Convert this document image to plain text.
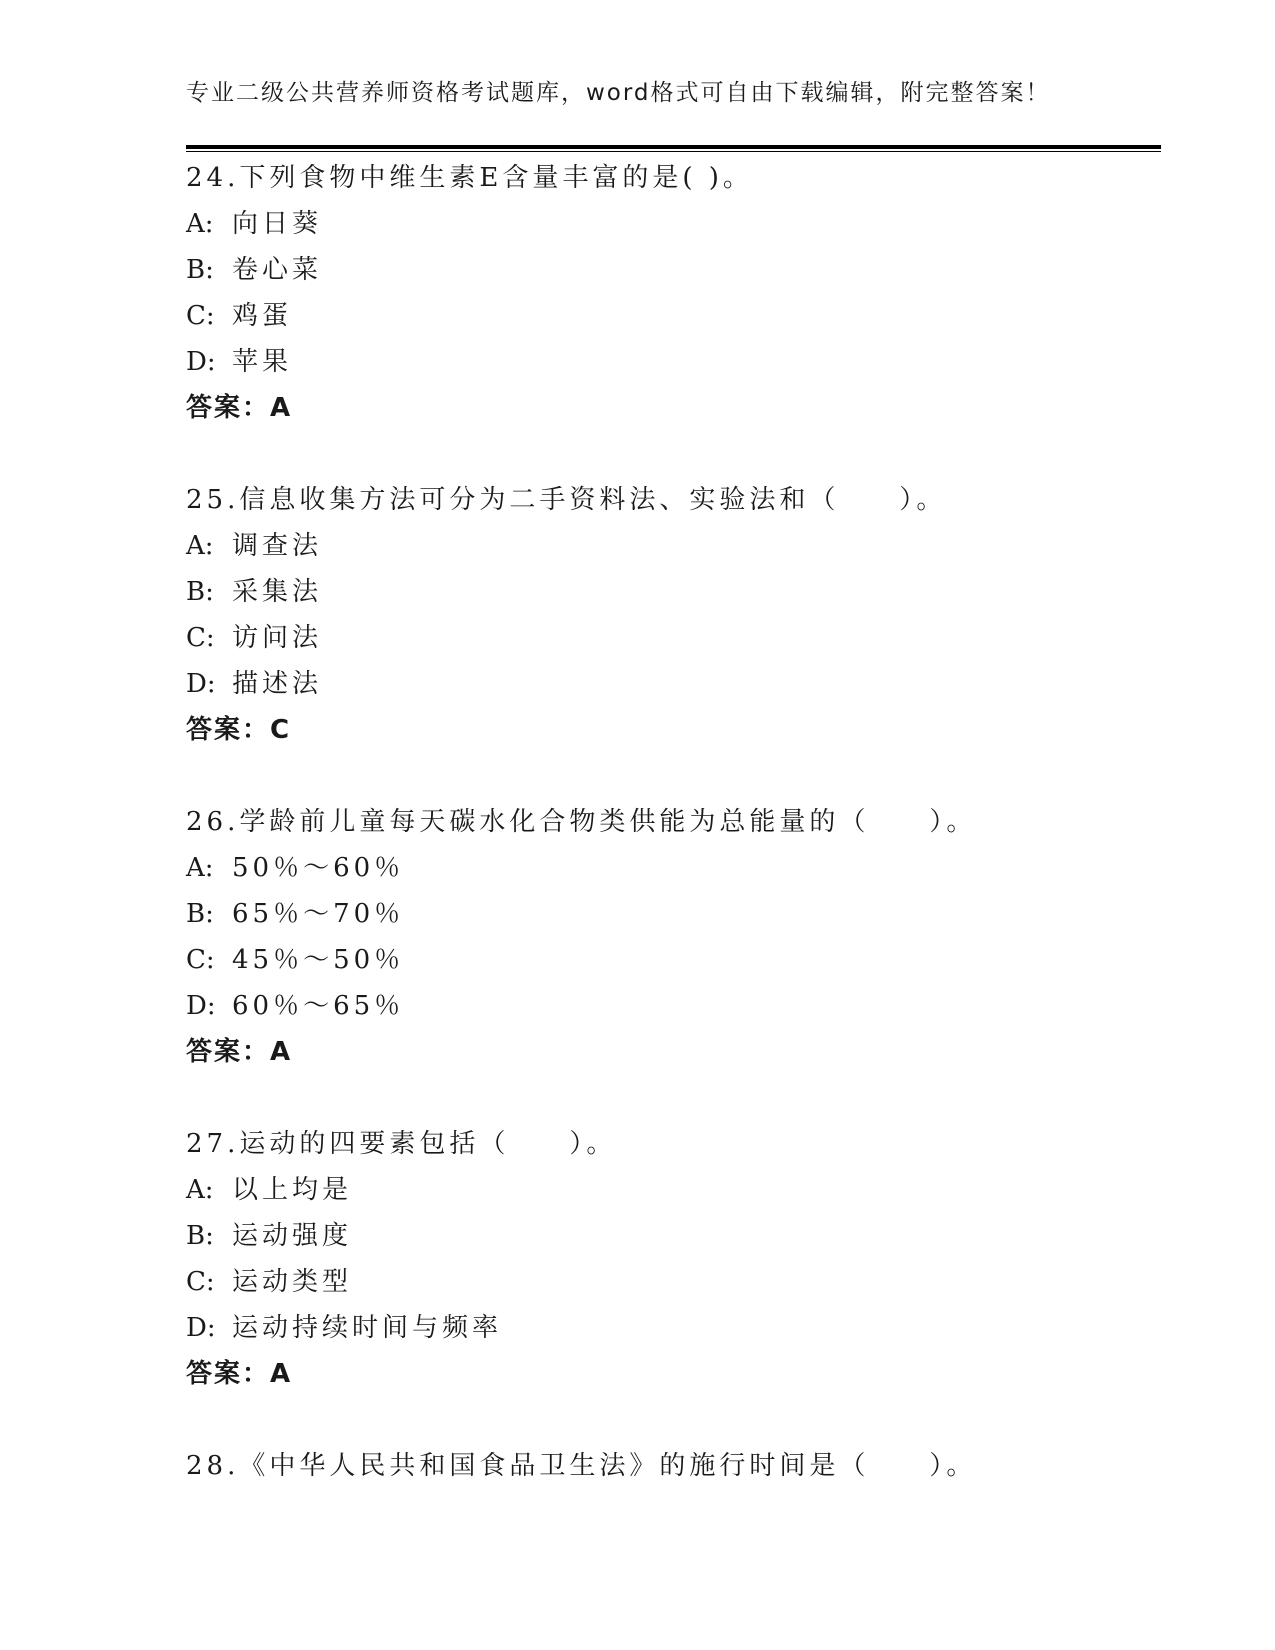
专业二级公共营养师资格考试题库，word格式可自由下载编辑，附完整答案！
24.下列食物中维生素E含量丰富的是( )。
A: 向日葵
B: 卷心菜
C: 鸡蛋
D: 苹果
答案：A
25.信息收集方法可分为二手资料法、实验法和（　　）。
A: 调查法
B: 采集法
C: 访问法
D: 描述法
答案：C
26.学龄前儿童每天碳水化合物类供能为总能量的（　　）。
A: 50％～60％
B: 65％～70％
C: 45％～50％
D: 60％～65％
答案：A
27.运动的四要素包括（　　）。
A: 以上均是
B: 运动强度
C: 运动类型
D: 运动持续时间与频率
答案：A
28.《中华人民共和国食品卫生法》的施行时间是（　　）。
